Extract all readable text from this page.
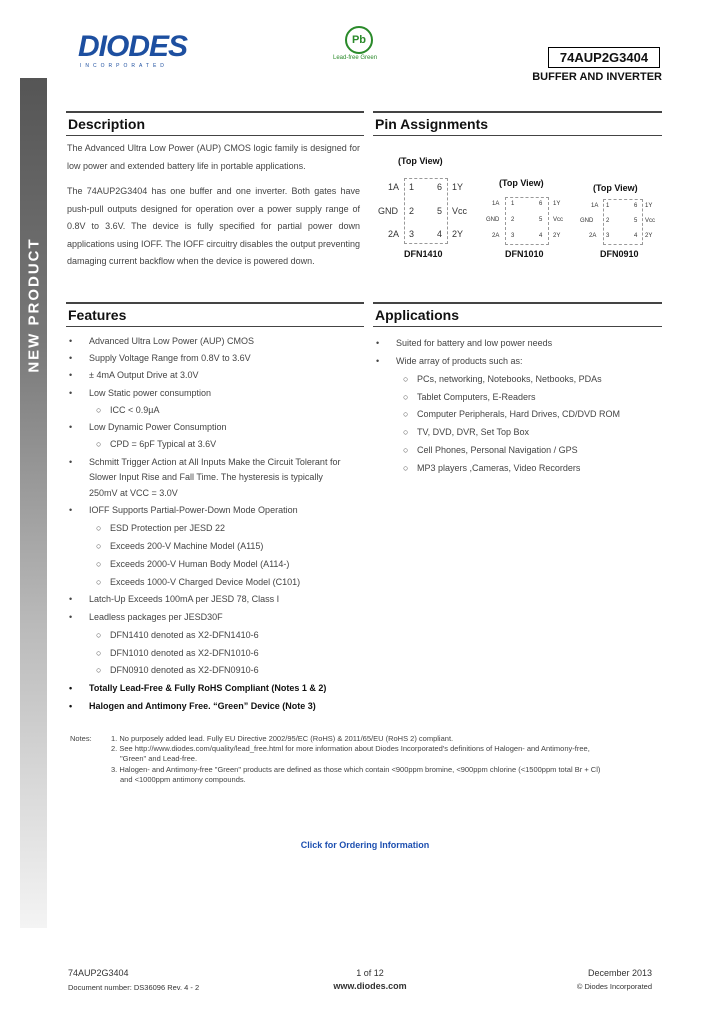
NEW PRODUCT
DIODES
INCORPORATED
Pb
Lead-free Green	74AUP2G3404
BUFFER AND INVERTER
Description
The Advanced Ultra Low Power (AUP) CMOS logic family is designed for low power and extended battery life in portable applications.
The 74AUP2G3404 has one buffer and one inverter. Both gates have push-pull outputs designed for operation over a power supply range of 0.8V to 3.6V. The device is fully specified for partial power down applications using IOFF. The IOFF circuitry disables the output preventing damaging current backflow when the device is powered down.
Pin Assignments
(Top View)
1A 1	6 1Y
GND 2	5 Vcc
2A 3	4 2Y
DFN1410
(Top View)
1A 1	6 1Y
GND 2	5 Vcc
2A 3	4 2Y
DFN1010
(Top View)
1A 1	6 1Y
GND 2	5 Vcc
2A 3	4 2Y
DFN0910
Features
• Advanced Ultra Low Power (AUP) CMOS
• Supply Voltage Range from 0.8V to 3.6V
• ± 4mA Output Drive at 3.0V
• Low Static power consumption
○ ICC < 0.9µA
• Low Dynamic Power Consumption
○ CPD = 6pF Typical at 3.6V
• Schmitt Trigger Action at All Inputs Make the Circuit Tolerant for
Slower Input Rise and Fall Time. The hysteresis is typically
250mV at VCC = 3.0V
• IOFF Supports Partial-Power-Down Mode Operation
○ ESD Protection per JESD 22
○ Exceeds 200-V Machine Model (A115)
○ Exceeds 2000-V Human Body Model (A114-)
○ Exceeds 1000-V Charged Device Model (C101)
• Latch-Up Exceeds 100mA per JESD 78, Class I
• Leadless packages per JESD30F
○ DFN1410 denoted as X2-DFN1410-6
○ DFN1010 denoted as X2-DFN1010-6
○ DFN0910 denoted as X2-DFN0910-6
• Totally Lead-Free & Fully RoHS Compliant (Notes 1 & 2)
• Halogen and Antimony Free. “Green” Device (Note 3)
Applications
• Suited for battery and low power needs
• Wide array of products such as:
○ PCs, networking, Notebooks, Netbooks, PDAs
○ Tablet Computers, E-Readers
○ Computer Peripherals, Hard Drives, CD/DVD ROM
○ TV, DVD, DVR, Set Top Box
○ Cell Phones, Personal Navigation / GPS
○ MP3 players ,Cameras, Video Recorders
Notes:	1. No purposely added lead. Fully EU Directive 2002/95/EC (RoHS) & 2011/65/EU (RoHS 2) compliant.
2. See http://www.diodes.com/quality/lead_free.html for more information about Diodes Incorporated's definitions of Halogen- and Antimony-free,
"Green" and Lead-free.
3. Halogen- and Antimony-free "Green" products are defined as those which contain <900ppm bromine, <900ppm chlorine (<1500ppm total Br + Cl)
and <1000ppm antimony compounds.
Click for Ordering Information
74AUP2G3404
Document number: DS36096 Rev. 4 - 2
1 of 12
www.diodes.com
December 2013
© Diodes Incorporated
